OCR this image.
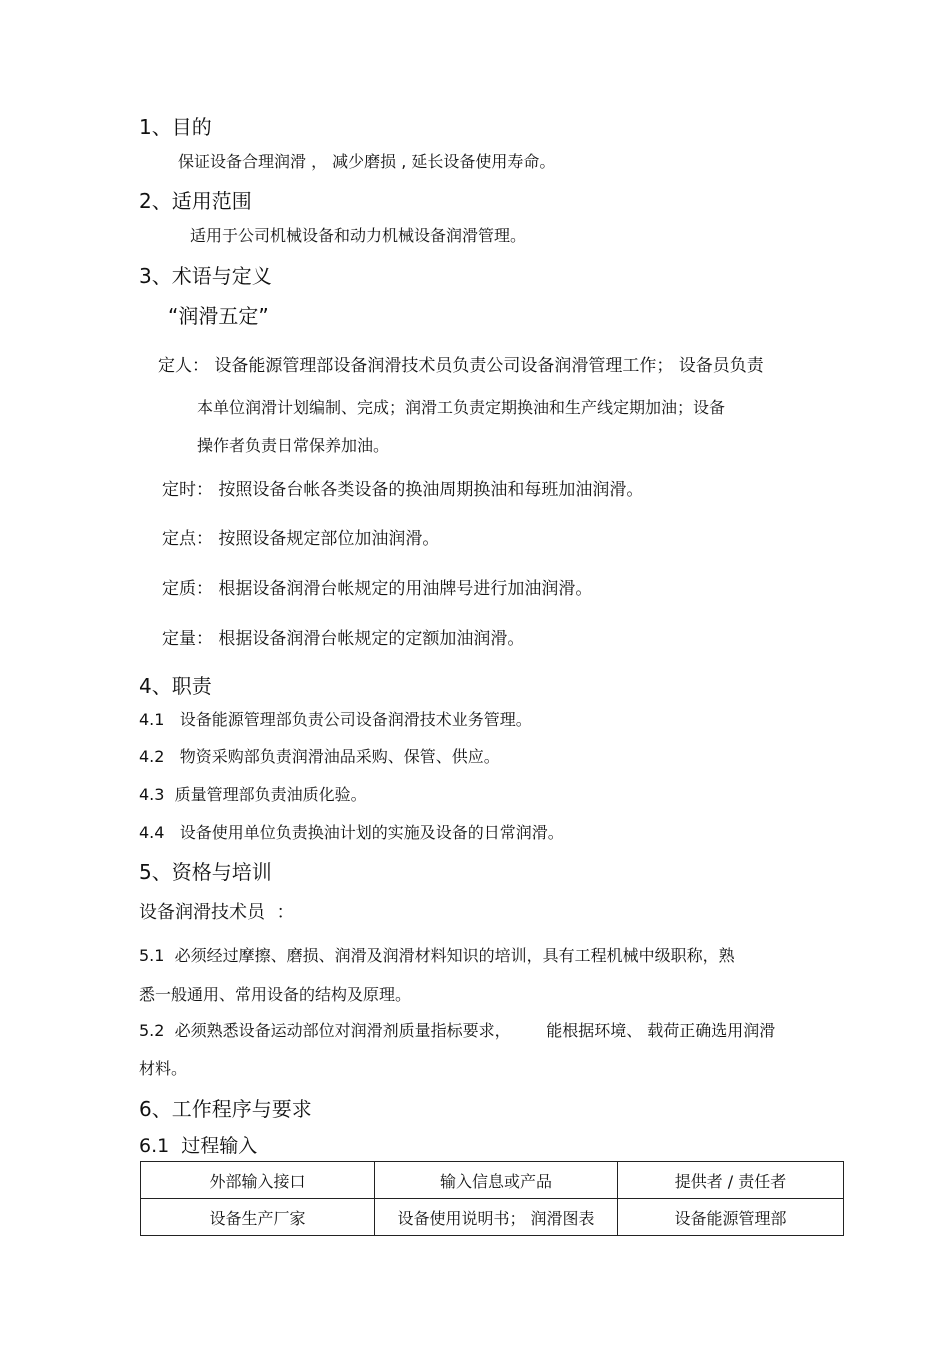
1、目的
保证设备合理润滑 ， 减少磨损 , 延长设备使用寿命。
2、适用范围
适用于公司机械设备和动力机械设备润滑管理。
3、术语与定义
“润滑五定”
定人： 设备能源管理部设备润滑技术员负责公司设备润滑管理工作； 设备员负责
本单位润滑计划编制、完成；润滑工负责定期换油和生产线定期加油；设备
操作者负责日常保养加油。
定时： 按照设备台帐各类设备的换油周期换油和每班加油润滑。
定点： 按照设备规定部位加油润滑。
定质： 根据设备润滑台帐规定的用油牌号进行加油润滑。
定量： 根据设备润滑台帐规定的定额加油润滑。
4、职责
4.1   设备能源管理部负责公司设备润滑技术业务管理。
4.2   物资采购部负责润滑油品采购、保管、供应。
4.3  质量管理部负责油质化验。
4.4   设备使用单位负责换油计划的实施及设备的日常润滑。
5、资格与培训
设备润滑技术员  ：
5.1  必须经过摩擦、磨损、润滑及润滑材料知识的培训，具有工程机械中级职称，熟
悉一般通用、常用设备的结构及原理。
5.2  必须熟悉设备运动部位对润滑剂质量指标要求，       能根据环境、 载荷正确选用润滑
材料。
6、工作程序与要求
6.1  过程输入
外部输入接口	输入信息或产品	提供者 / 责任者
设备生产厂家	设备使用说明书； 润滑图表	设备能源管理部
